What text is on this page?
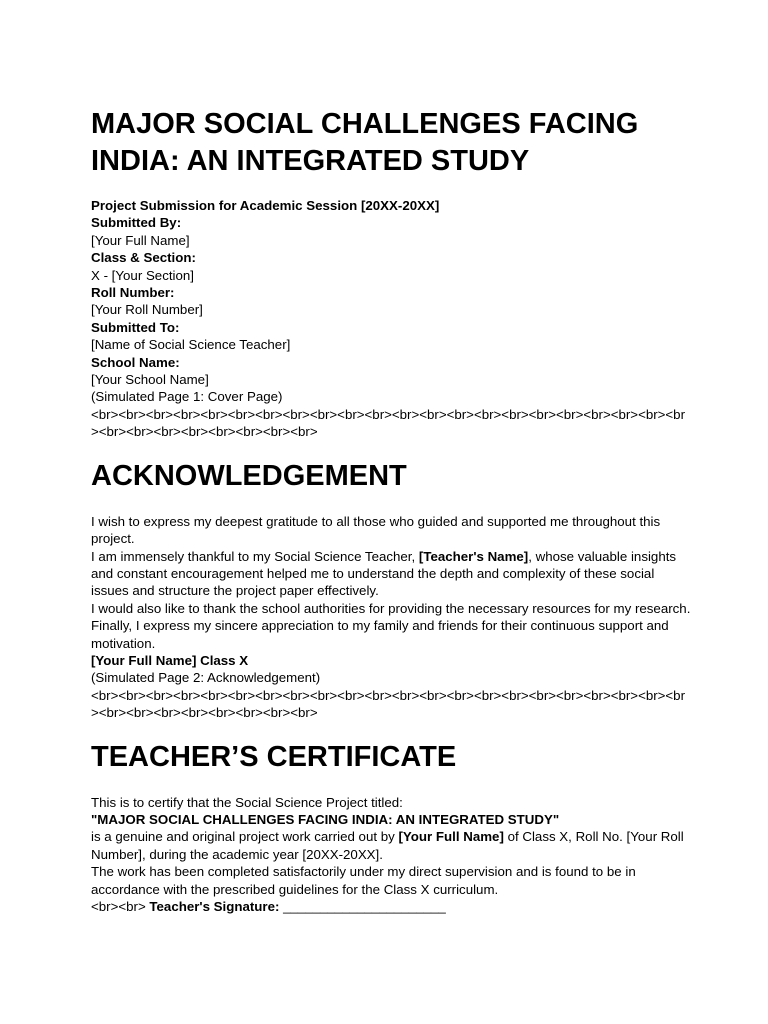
MAJOR SOCIAL CHALLENGES FACING INDIA: AN INTEGRATED STUDY
Project Submission for Academic Session [20XX-20XX]
Submitted By:
[Your Full Name]
Class & Section:
X - [Your Section]
Roll Number:
[Your Roll Number]
Submitted To:
[Name of Social Science Teacher]
School Name:
[Your School Name]
(Simulated Page 1: Cover Page)
<br><br><br><br><br><br><br><br><br><br><br><br><br><br><br><br><br><br><br><br><br><br><br><br><br><br><br><br><br><br>
ACKNOWLEDGEMENT
I wish to express my deepest gratitude to all those who guided and supported me throughout this project.
I am immensely thankful to my Social Science Teacher, [Teacher's Name], whose valuable insights and constant encouragement helped me to understand the depth and complexity of these social issues and structure the project paper effectively.
I would also like to thank the school authorities for providing the necessary resources for my research.
Finally, I express my sincere appreciation to my family and friends for their continuous support and motivation.
[Your Full Name] Class X
(Simulated Page 2: Acknowledgement)
<br><br><br><br><br><br><br><br><br><br><br><br><br><br><br><br><br><br><br><br><br><br><br><br><br><br><br><br><br><br>
TEACHER’S CERTIFICATE
This is to certify that the Social Science Project titled:
"MAJOR SOCIAL CHALLENGES FACING INDIA: AN INTEGRATED STUDY"
is a genuine and original project work carried out by [Your Full Name] of Class X, Roll No. [Your Roll Number], during the academic year [20XX-20XX].
The work has been completed satisfactorily under my direct supervision and is found to be in accordance with the prescribed guidelines for the Class X curriculum.
<br><br> Teacher's Signature: ______________________
